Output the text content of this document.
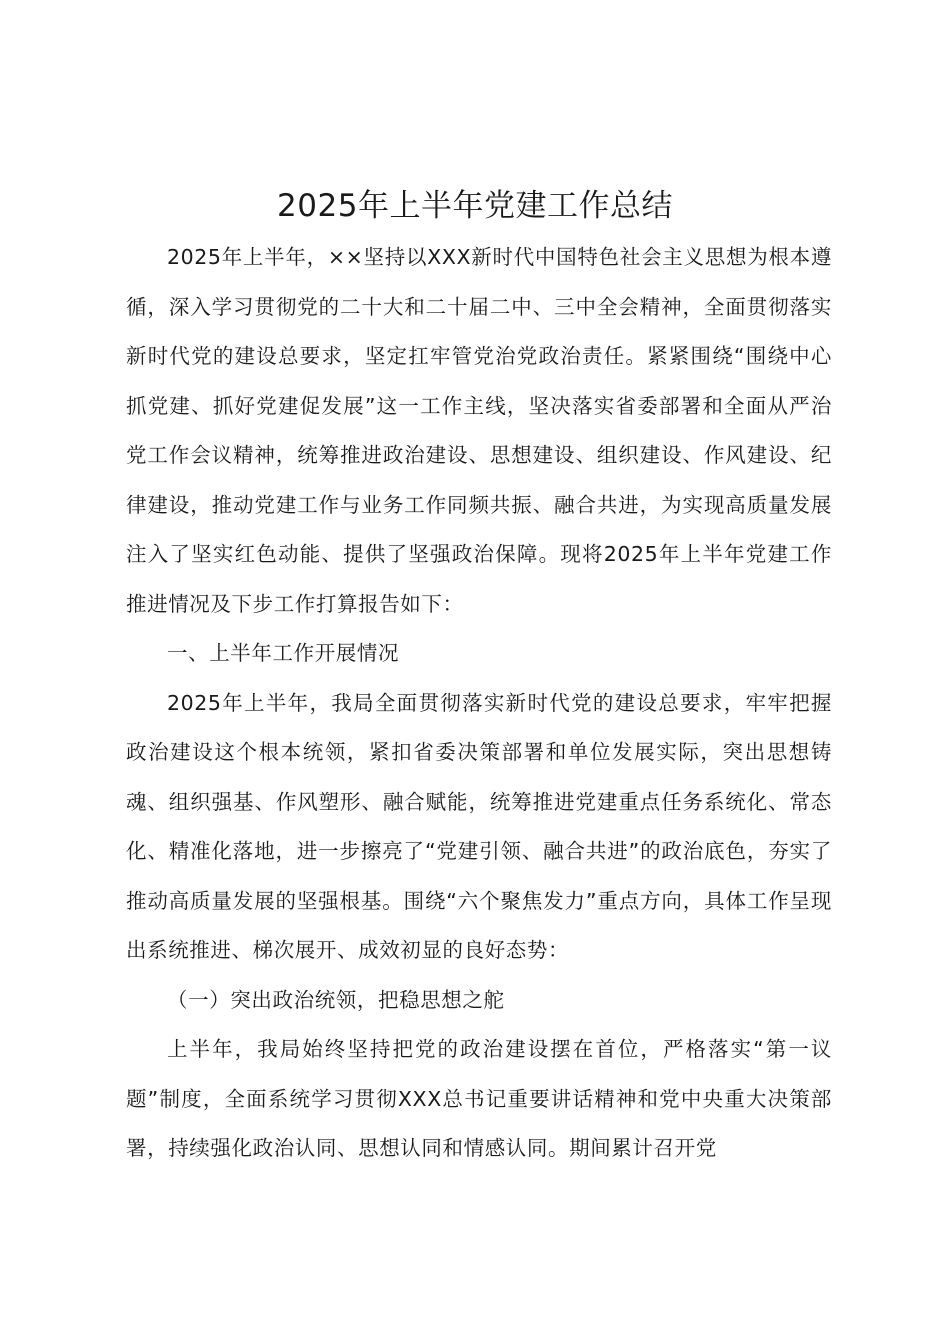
2025年上半年党建工作总结

2025年上半年，××坚持以XXX新时代中国特色社会主义思想为根本遵循，深入学习贯彻党的二十大和二十届二中、三中全会精神，全面贯彻落实新时代党的建设总要求，坚定扛牢管党治党政治责任。紧紧围绕“围绕中心抓党建、抓好党建促发展”这一工作主线，坚决落实省委部署和全面从严治党工作会议精神，统筹推进政治建设、思想建设、组织建设、作风建设、纪律建设，推动党建工作与业务工作同频共振、融合共进，为实现高质量发展注入了坚实红色动能、提供了坚强政治保障。现将2025年上半年党建工作推进情况及下步工作打算报告如下：

一、上半年工作开展情况

2025年上半年，我局全面贯彻落实新时代党的建设总要求，牢牢把握政治建设这个根本统领，紧扣省委决策部署和单位发展实际，突出思想铸魂、组织强基、作风塑形、融合赋能，统筹推进党建重点任务系统化、常态化、精准化落地，进一步擦亮了“党建引领、融合共进”的政治底色，夯实了推动高质量发展的坚强根基。围绕“六个聚焦发力”重点方向，具体工作呈现出系统推进、梯次展开、成效初显的良好态势：

（一）突出政治统领，把稳思想之舵

上半年，我局始终坚持把党的政治建设摆在首位，严格落实“第一议题”制度，全面系统学习贯彻XXX总书记重要讲话精神和党中央重大决策部署，持续强化政治认同、思想认同和情感认同。期间累计召开党
